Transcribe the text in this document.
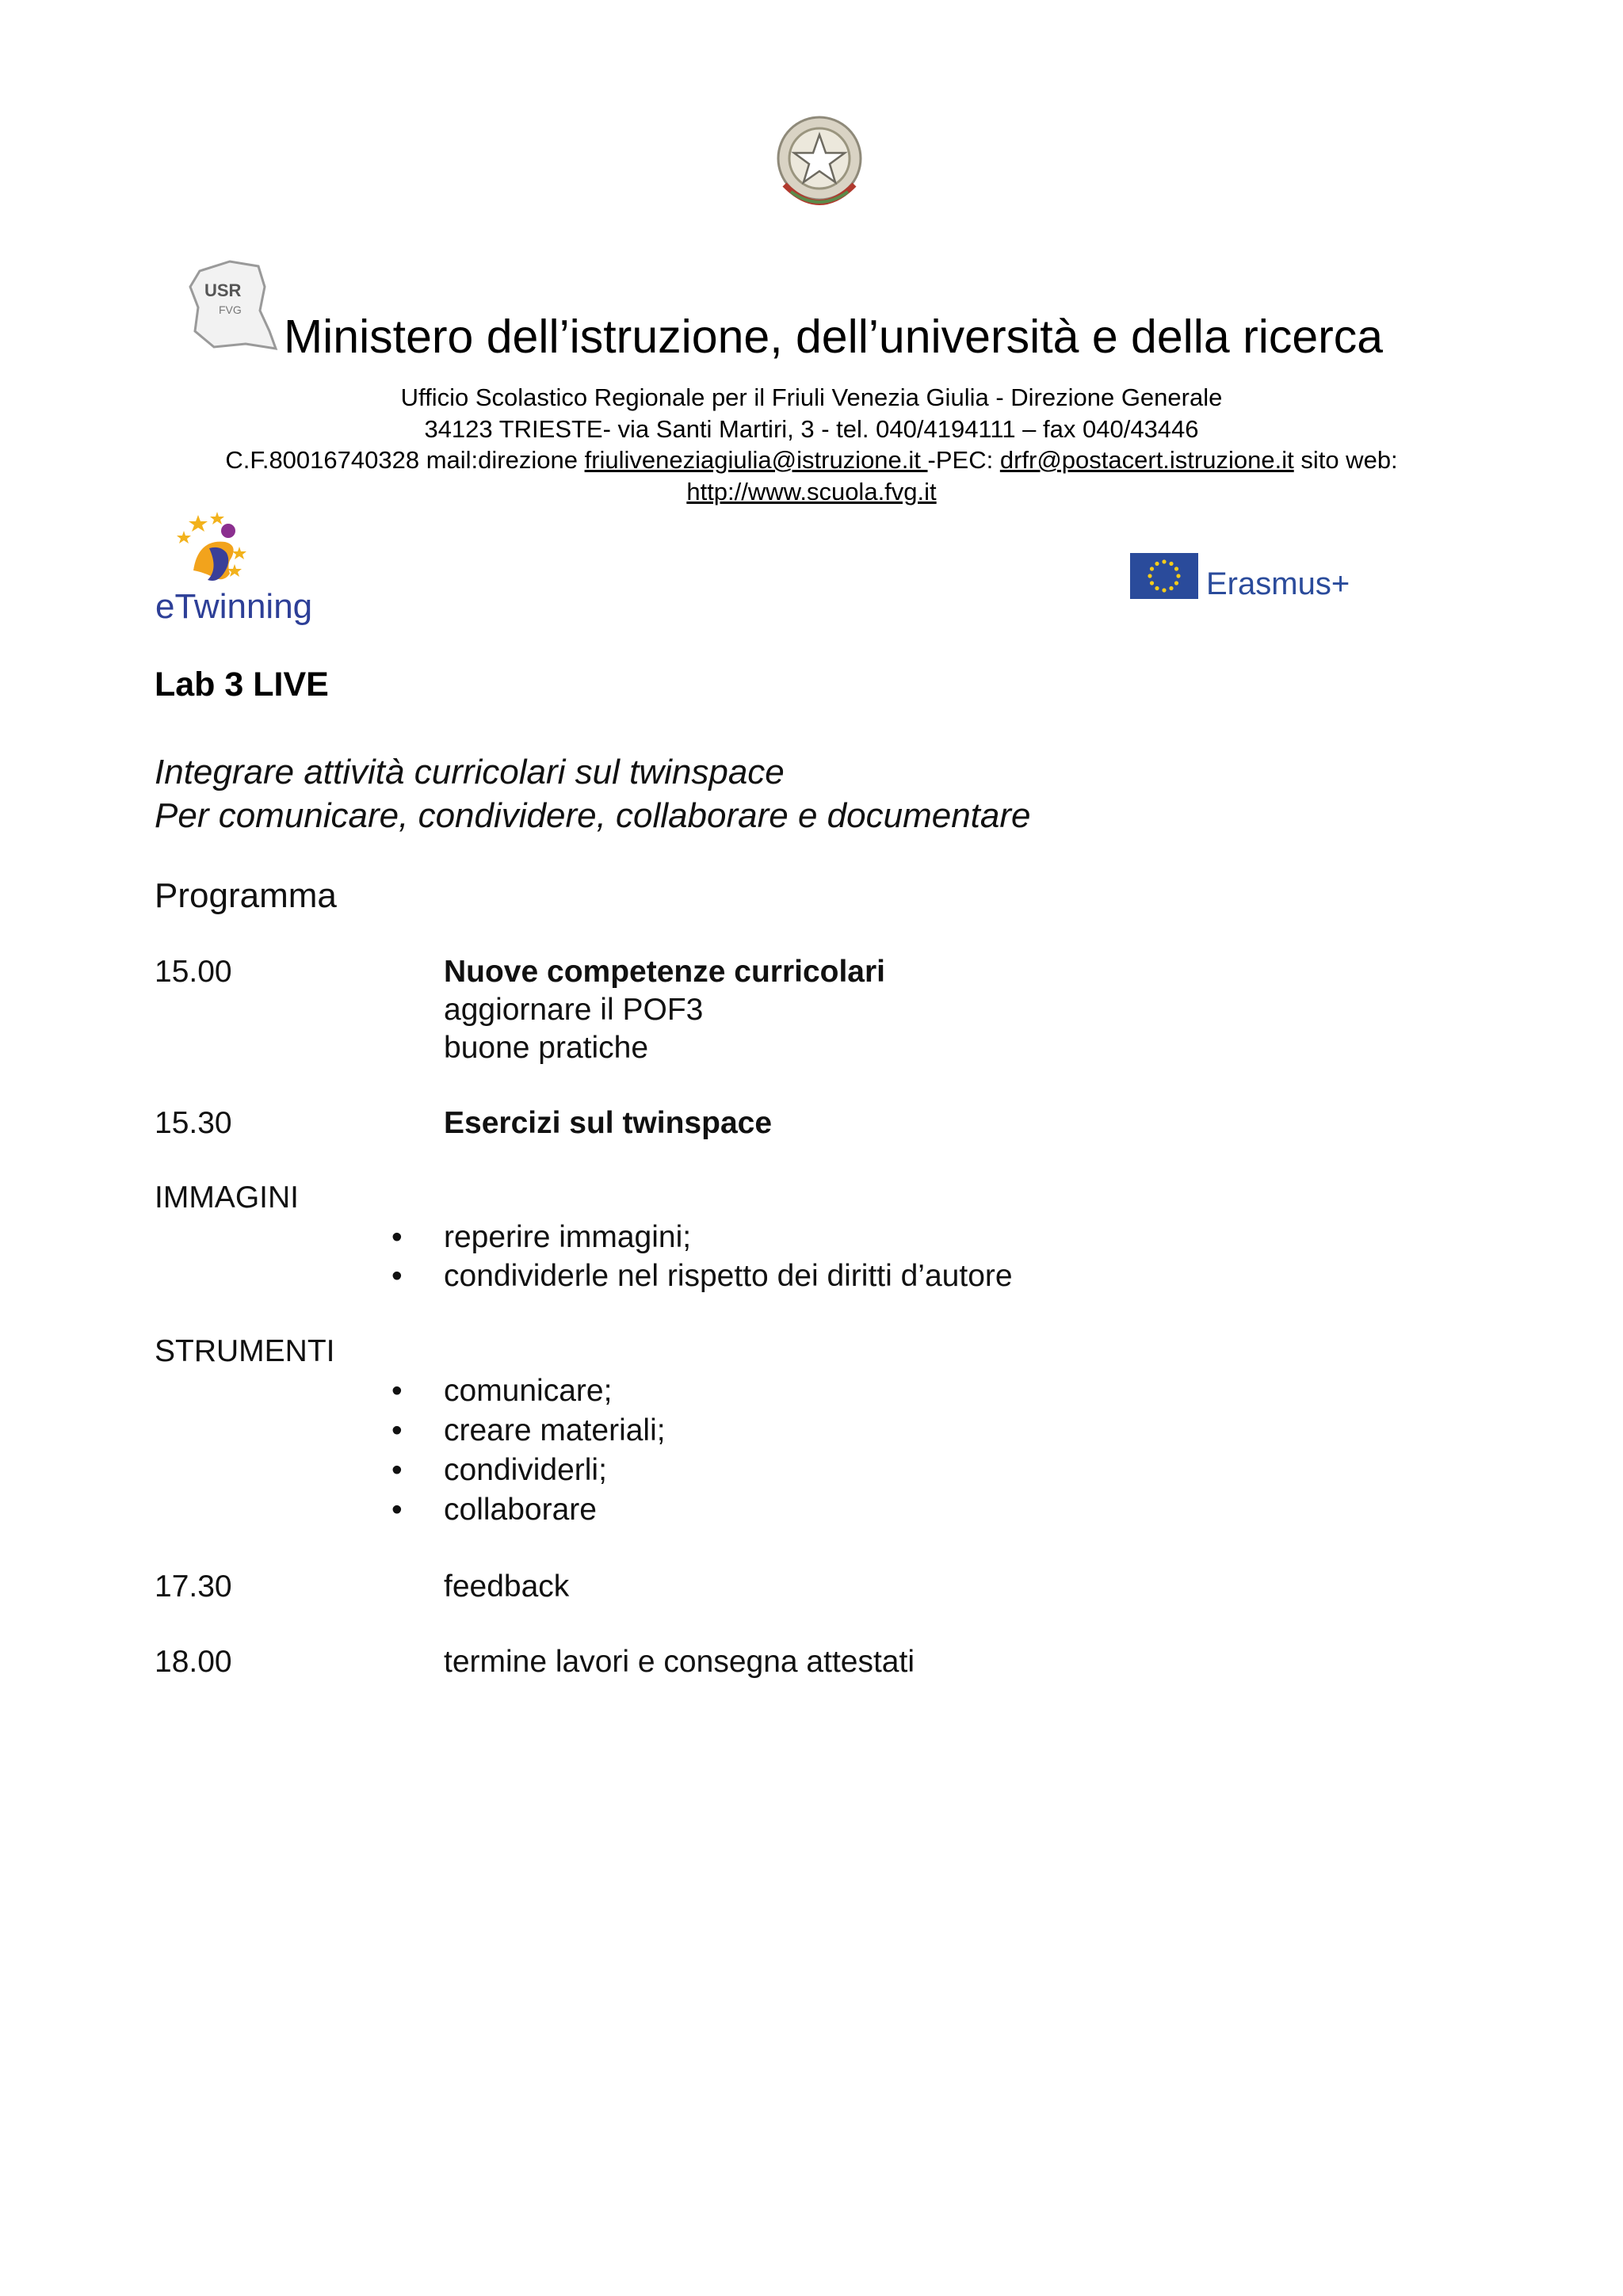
USR
FVG
Ministero dell’istruzione, dell’università e della ricerca
Ufficio Scolastico Regionale per il Friuli Venezia Giulia - Direzione Generale
34123 TRIESTE- via Santi Martiri, 3 - tel. 040/4194111 – fax 040/43446
C.F.80016740328 mail:direzione friuliveneziagiulia@istruzione.it -PEC: drfr@postacert.istruzione.it sito web:
http://www.scuola.fvg.it
eTwinning
Erasmus+
Lab 3 LIVE
Integrare attività curricolari sul twinspace
Per comunicare, condividere, collaborare e documentare
Programma
15.00	Nuove competenze curricolari
aggiornare il POF3
buone pratiche
15.30	Esercizi sul twinspace
IMMAGINI
• reperire immagini;
• condividerle nel rispetto dei diritti d’autore
STRUMENTI
• comunicare;
• creare materiali;
• condividerli;
• collaborare
17.30	feedback
18.00	termine lavori e consegna attestati
